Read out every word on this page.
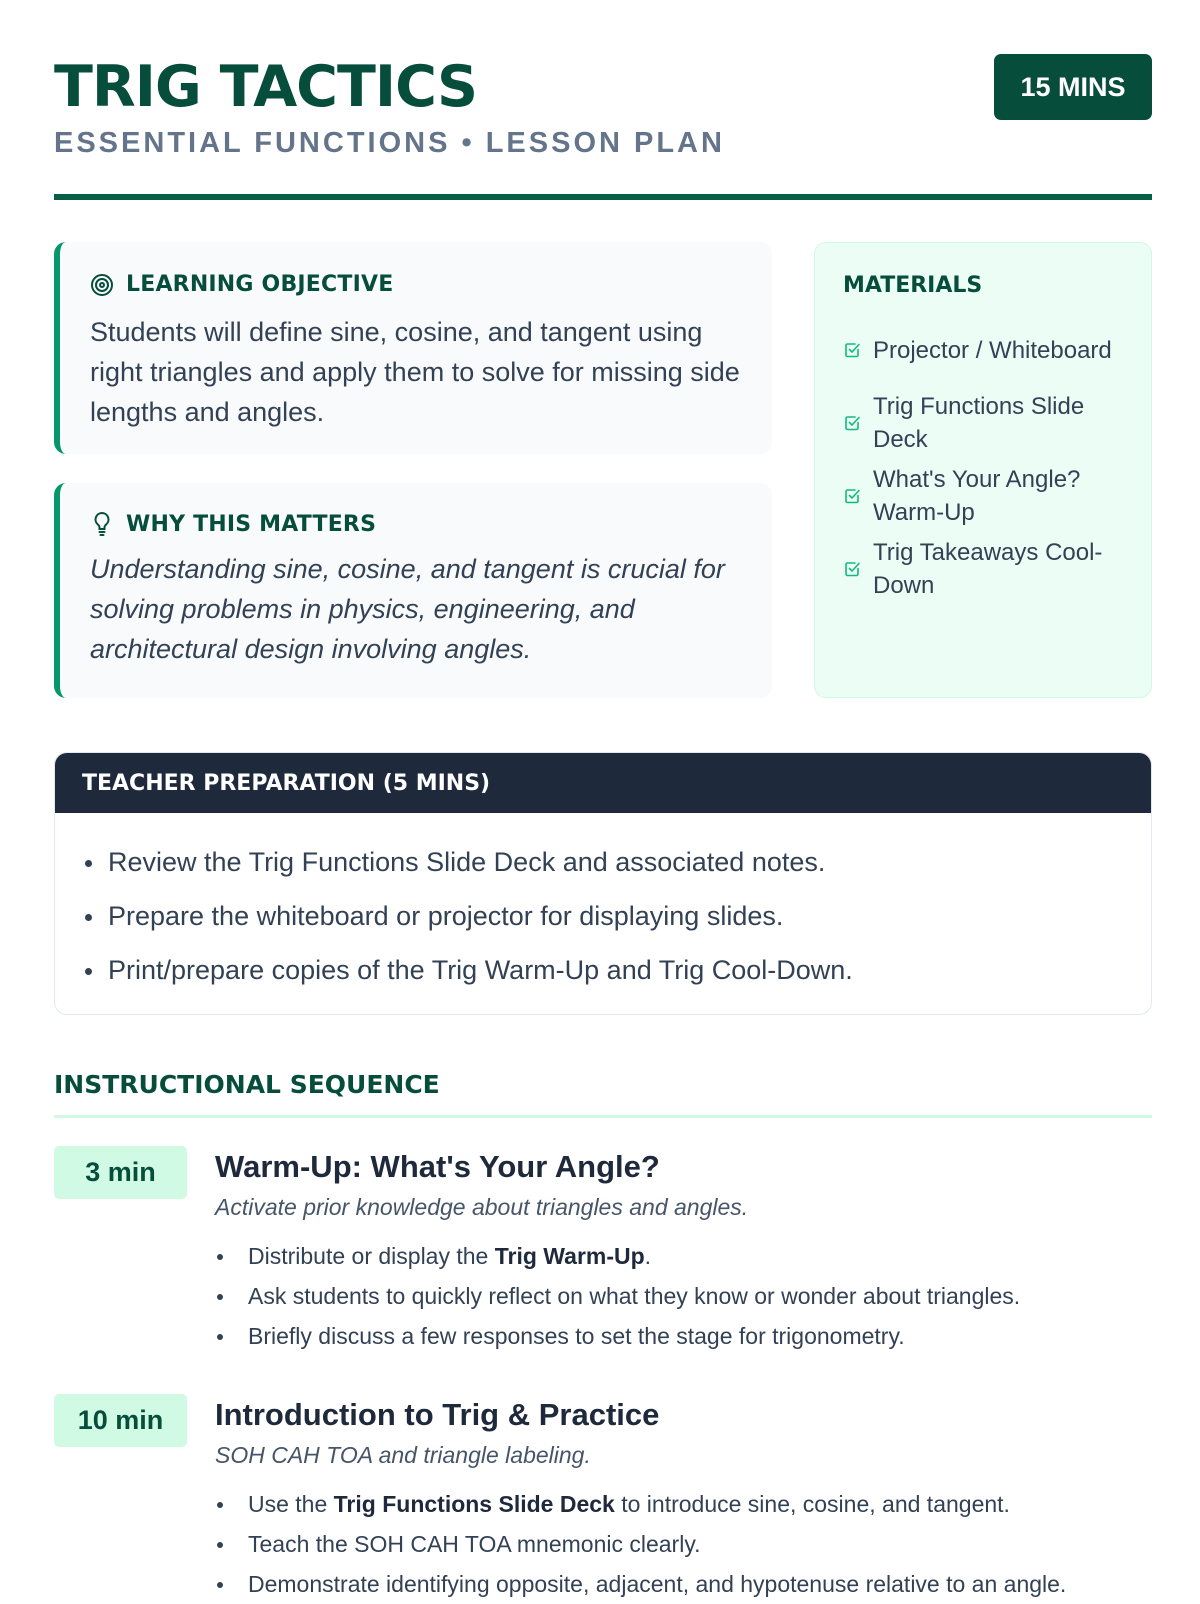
TRIG TACTICS
ESSENTIAL FUNCTIONS • LESSON PLAN
15 MINS
LEARNING OBJECTIVE
Students will define sine, cosine, and tangent using right triangles and apply them to solve for missing side lengths and angles.
WHY THIS MATTERS
Understanding sine, cosine, and tangent is crucial for solving problems in physics, engineering, and architectural design involving angles.
MATERIALS
Projector / Whiteboard
Trig Functions Slide Deck
What's Your Angle? Warm-Up
Trig Takeaways Cool-Down
TEACHER PREPARATION (5 MINS)
Review the Trig Functions Slide Deck and associated notes.
Prepare the whiteboard or projector for displaying slides.
Print/prepare copies of the Trig Warm-Up and Trig Cool-Down.
INSTRUCTIONAL SEQUENCE
3 min	Warm-Up: What's Your Angle?
Activate prior knowledge about triangles and angles.
Distribute or display the Trig Warm-Up.
Ask students to quickly reflect on what they know or wonder about triangles.
Briefly discuss a few responses to set the stage for trigonometry.
10 min	Introduction to Trig & Practice
SOH CAH TOA and triangle labeling.
Use the Trig Functions Slide Deck to introduce sine, cosine, and tangent.
Teach the SOH CAH TOA mnemonic clearly.
Demonstrate identifying opposite, adjacent, and hypotenuse relative to an angle.
